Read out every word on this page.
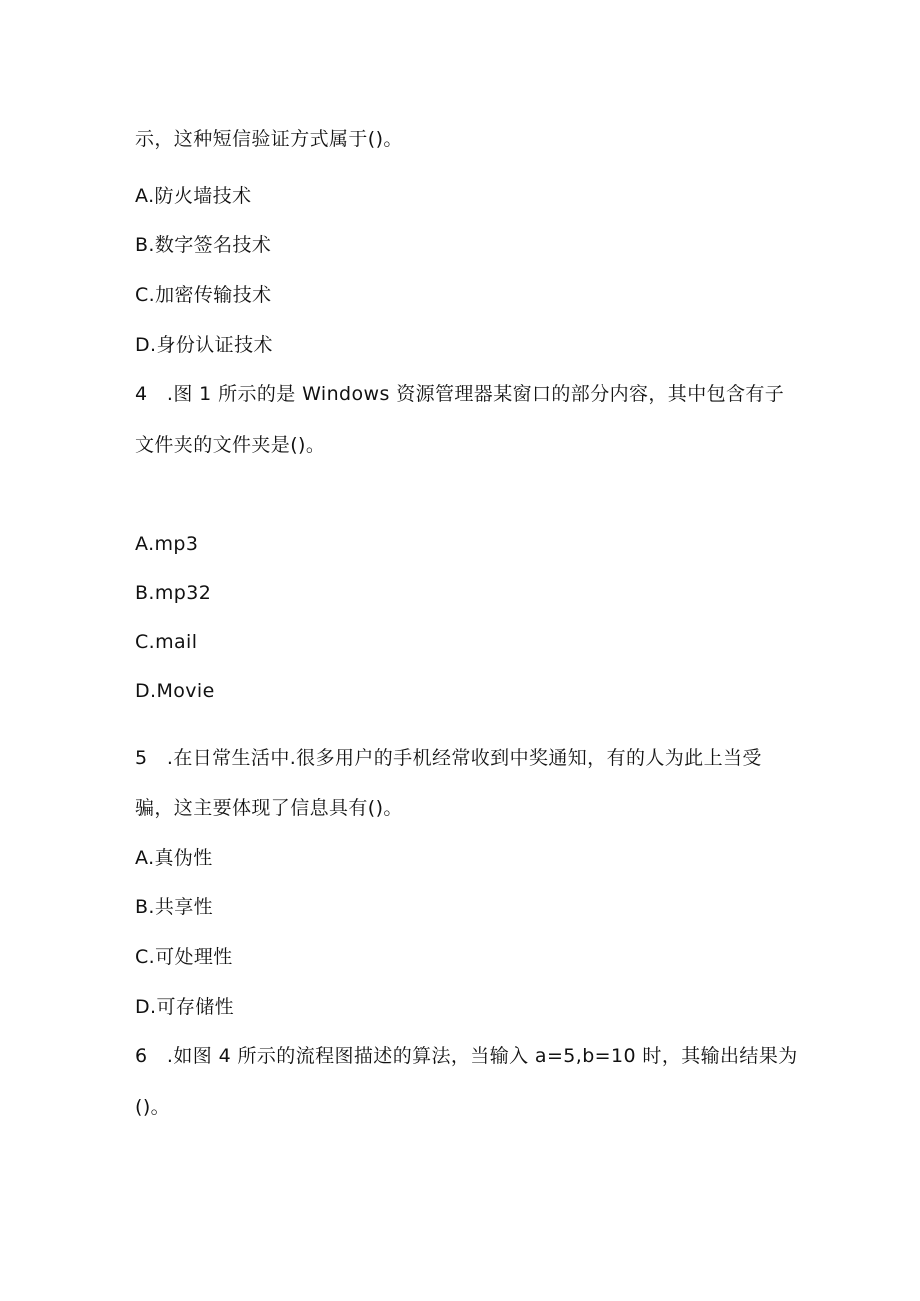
示，这种短信验证方式属于()。
A.防火墙技术
B.数字签名技术
C.加密传输技术
D.身份认证技术
4　.图 1 所示的是 Windows 资源管理器某窗口的部分内容，其中包含有子
文件夹的文件夹是()。
A.mp3
B.mp32
C.mail
D.Movie
5　.在日常生活中.很多用户的手机经常收到中奖通知，有的人为此上当受
骗，这主要体现了信息具有()。
A.真伪性
B.共享性
C.可处理性
D.可存储性
6　.如图 4 所示的流程图描述的算法，当输入 a=5,b=10 时，其输出结果为
()。
